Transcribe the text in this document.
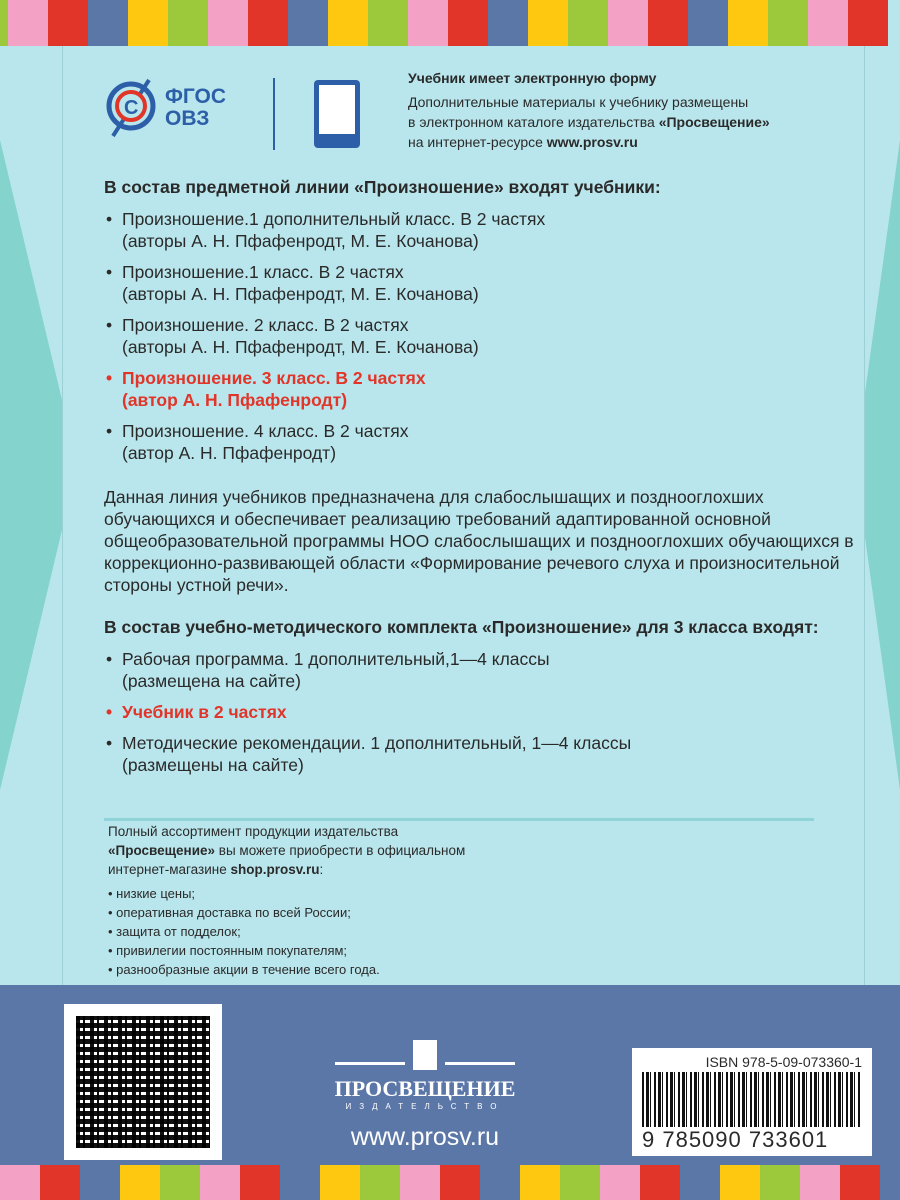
С ФГОС
ОВЗ
Учебник имеет электронную форму
Дополнительные материалы к учебнику размещены
в электронном каталоге издательства «Просвещение»
на интернет-ресурсе www.prosv.ru
В состав предметной линии «Произношение» входят учебники:
• Произношение.1 дополнительный класс. В 2 частях
(авторы А. Н. Пфафенродт, М. Е. Кочанова)
• Произношение.1 класс. В 2 частях
(авторы А. Н. Пфафенродт, М. Е. Кочанова)
• Произношение. 2 класс. В 2 частях
(авторы А. Н. Пфафенродт, М. Е. Кочанова)
• Произношение. 3 класс. В 2 частях
(автор А. Н. Пфафенродт)
• Произношение. 4 класс. В 2 частях
(автор А. Н. Пфафенродт)
Данная линия учебников предназначена для слабослышащих и позднооглохших обучающихся и обеспечивает реализацию требований адаптированной основной общеобразовательной программы НОО слабослышащих и позднооглохших обучающихся в коррекционно-развивающей области «Формирование речевого слуха и произносительной стороны устной речи».
В состав учебно-методического комплекта «Произношение» для 3 класса входят:
• Рабочая программа. 1 дополнительный,1—4 классы
(размещена на сайте)
• Учебник в 2 частях
• Методические рекомендации. 1 дополнительный, 1—4 классы
(размещены на сайте)
Полный ассортимент продукции издательства
«Просвещение» вы можете приобрести в официальном
интернет-магазине shop.prosv.ru:
• низкие цены;
• оперативная доставка по всей России;
• защита от подделок;
• привилегии постоянным покупателям;
• разнообразные акции в течение всего года.
ПРОСВЕЩЕНИЕ
ИЗДАТЕЛЬСТВО
www.prosv.ru
ISBN 978-5-09-073360-1
9 785090 733601
